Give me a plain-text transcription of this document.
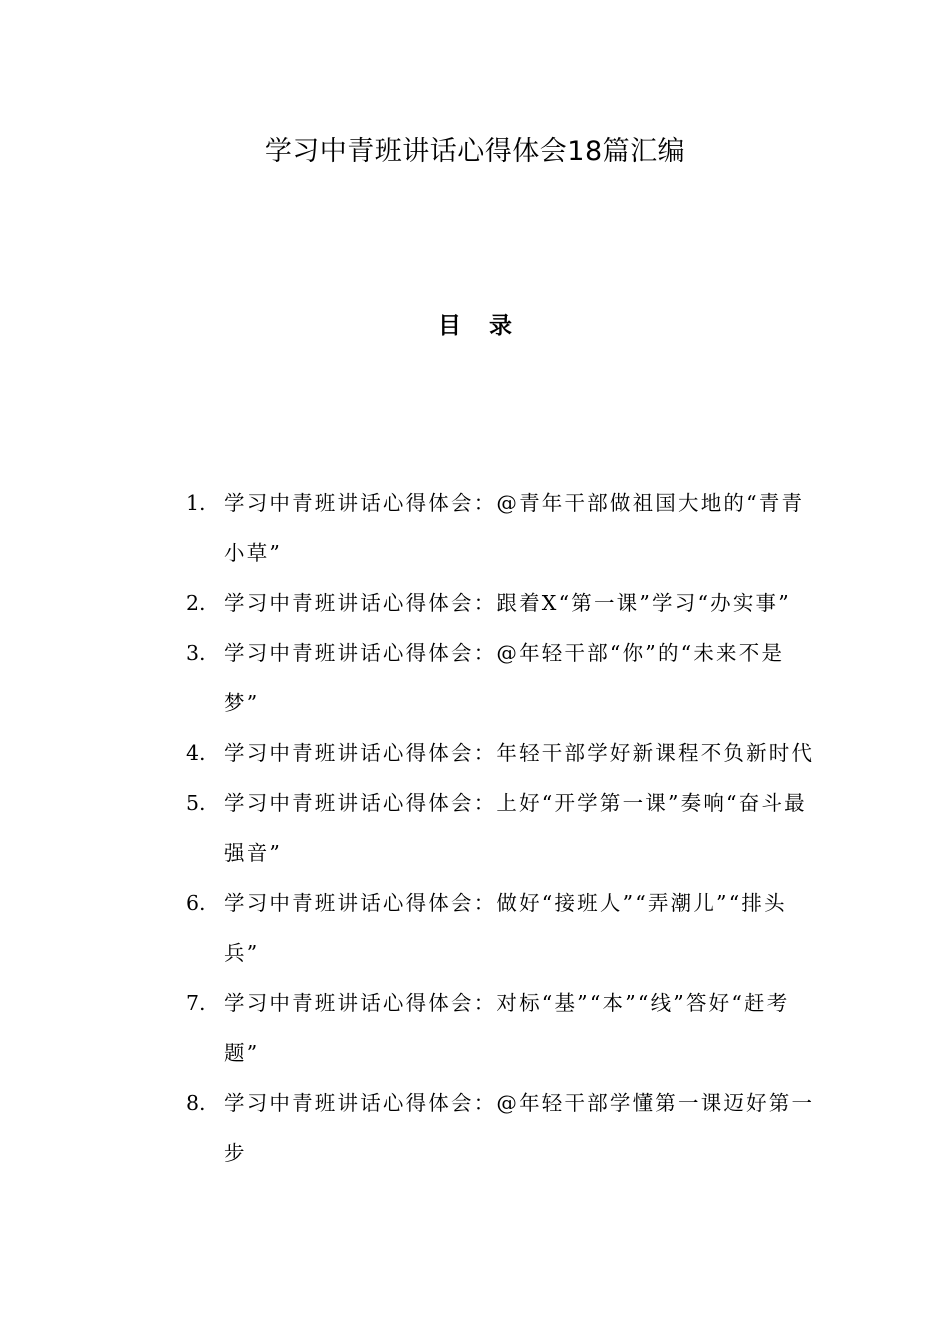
学习中青班讲话心得体会18篇汇编
目录
1. 学习中青班讲话心得体会：@青年干部做祖国大地的“青青小草”
2. 学习中青班讲话心得体会：跟着X“第一课”学习“办实事”
3. 学习中青班讲话心得体会：@年轻干部“你”的“未来不是梦”
4. 学习中青班讲话心得体会：年轻干部学好新课程不负新时代
5. 学习中青班讲话心得体会：上好“开学第一课”奏响“奋斗最强音”
6. 学习中青班讲话心得体会：做好“接班人”“弄潮儿”“排头兵”
7. 学习中青班讲话心得体会：对标“基”“本”“线”答好“赶考题”
8. 学习中青班讲话心得体会：@年轻干部学懂第一课迈好第一步
